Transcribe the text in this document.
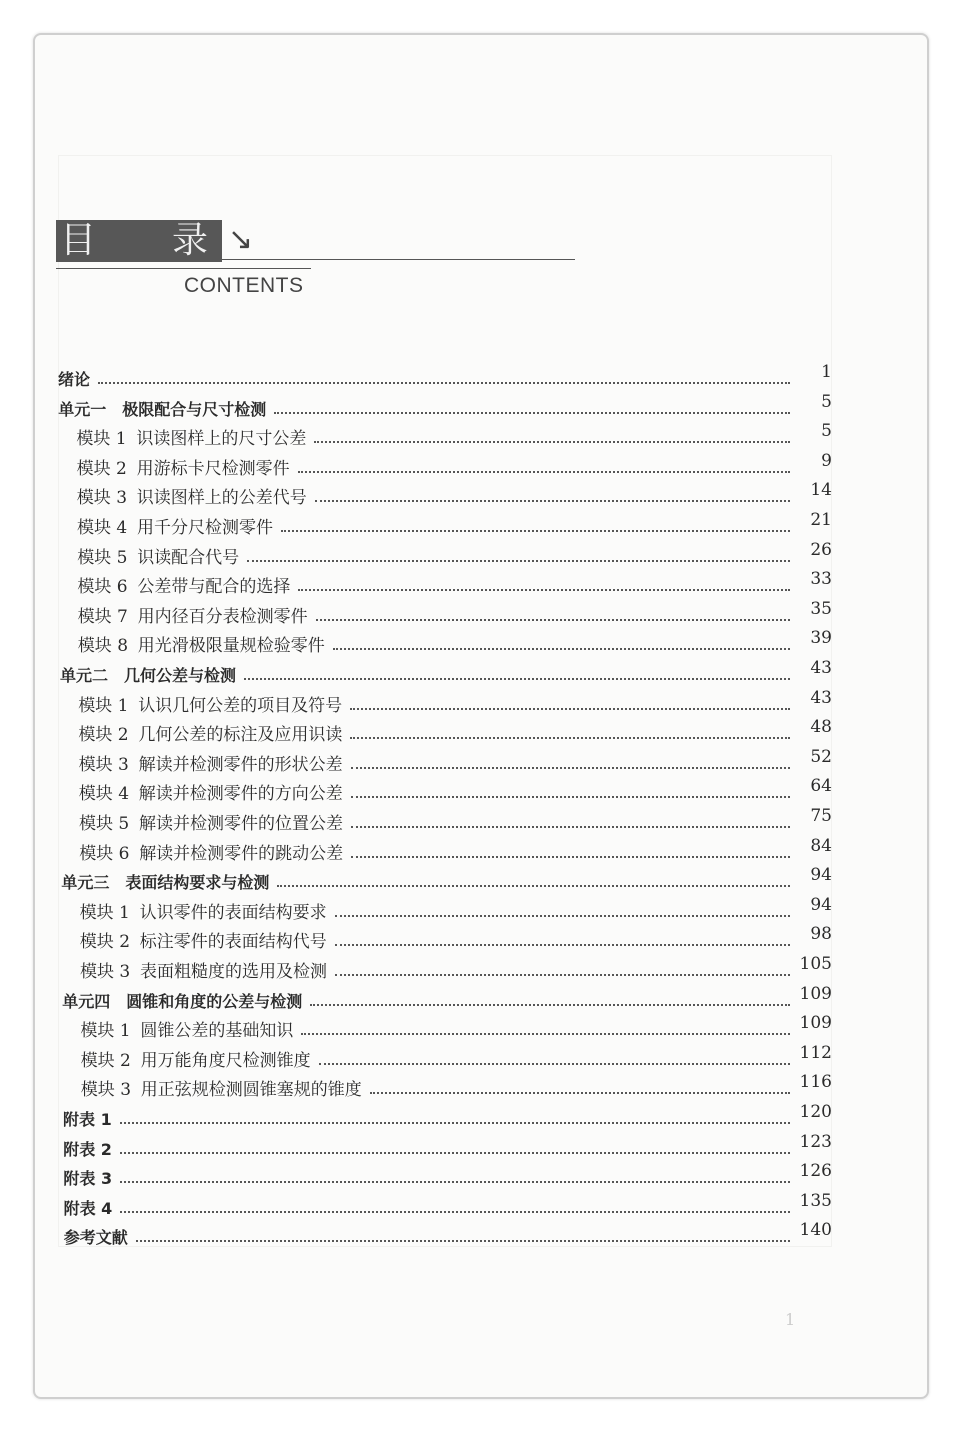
目 录 ↘
CONTENTS
绪论	1
单元一　极限配合与尺寸检测	5
模块 1 识读图样上的尺寸公差	5
模块 2 用游标卡尺检测零件	9
模块 3 识读图样上的公差代号	14
模块 4 用千分尺检测零件	21
模块 5 识读配合代号	26
模块 6 公差带与配合的选择	33
模块 7 用内径百分表检测零件	35
模块 8 用光滑极限量规检验零件	39
单元二　几何公差与检测	43
模块 1 认识几何公差的项目及符号	43
模块 2 几何公差的标注及应用识读	48
模块 3 解读并检测零件的形状公差	52
模块 4 解读并检测零件的方向公差	64
模块 5 解读并检测零件的位置公差	75
模块 6 解读并检测零件的跳动公差	84
单元三　表面结构要求与检测	94
模块 1 认识零件的表面结构要求	94
模块 2 标注零件的表面结构代号	98
模块 3 表面粗糙度的选用及检测	105
单元四　圆锥和角度的公差与检测	109
模块 1 圆锥公差的基础知识	109
模块 2 用万能角度尺检测锥度	112
模块 3 用正弦规检测圆锥塞规的锥度	116
附表 1	120
附表 2	123
附表 3	126
附表 4	135
参考文献	140
1
